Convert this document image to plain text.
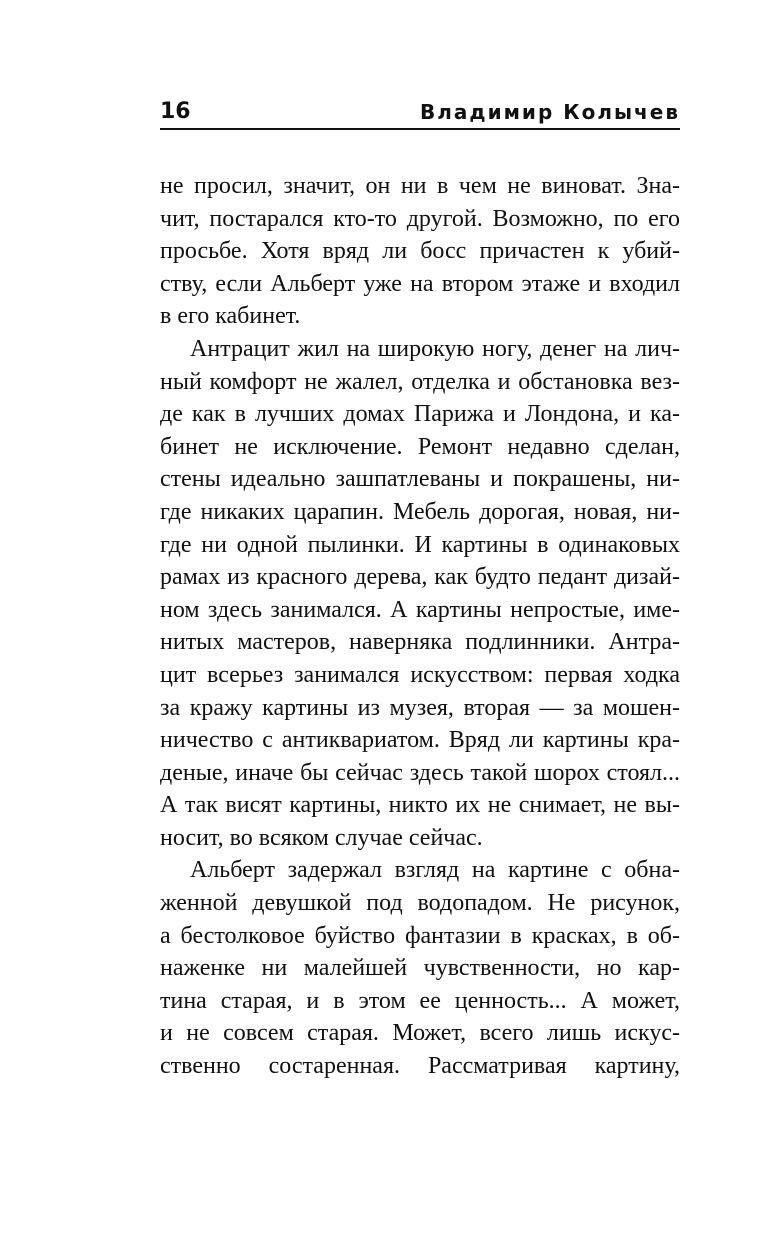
16	Владимир Колычев
не просил, значит, он ни в чем не виноват. Зна-
чит, постарался кто-то другой. Возможно, по его
просьбе. Хотя вряд ли босс причастен к убий-
ству, если Альберт уже на втором этаже и входил
в его кабинет.
Антрацит жил на широкую ногу, денег на лич-
ный комфорт не жалел, отделка и обстановка вез-
де как в лучших домах Парижа и Лондона, и ка-
бинет не исключение. Ремонт недавно сделан,
стены идеально зашпатлеваны и покрашены, ни-
где никаких царапин. Мебель дорогая, новая, ни-
где ни одной пылинки. И картины в одинаковых
рамах из красного дерева, как будто педант дизай-
ном здесь занимался. А картины непростые, име-
нитых мастеров, наверняка подлинники. Антра-
цит всерьез занимался искусством: первая ходка
за кражу картины из музея, вторая — за мошен-
ничество с антиквариатом. Вряд ли картины кра-
деные, иначе бы сейчас здесь такой шорох стоял...
А так висят картины, никто их не снимает, не вы-
носит, во всяком случае сейчас.
Альберт задержал взгляд на картине с обна-
женной девушкой под водопадом. Не рисунок,
а бестолковое буйство фантазии в красках, в об-
наженке ни малейшей чувственности, но кар-
тина старая, и в этом ее ценность... А может,
и не совсем старая. Может, всего лишь искус-
ственно состаренная. Рассматривая картину,
